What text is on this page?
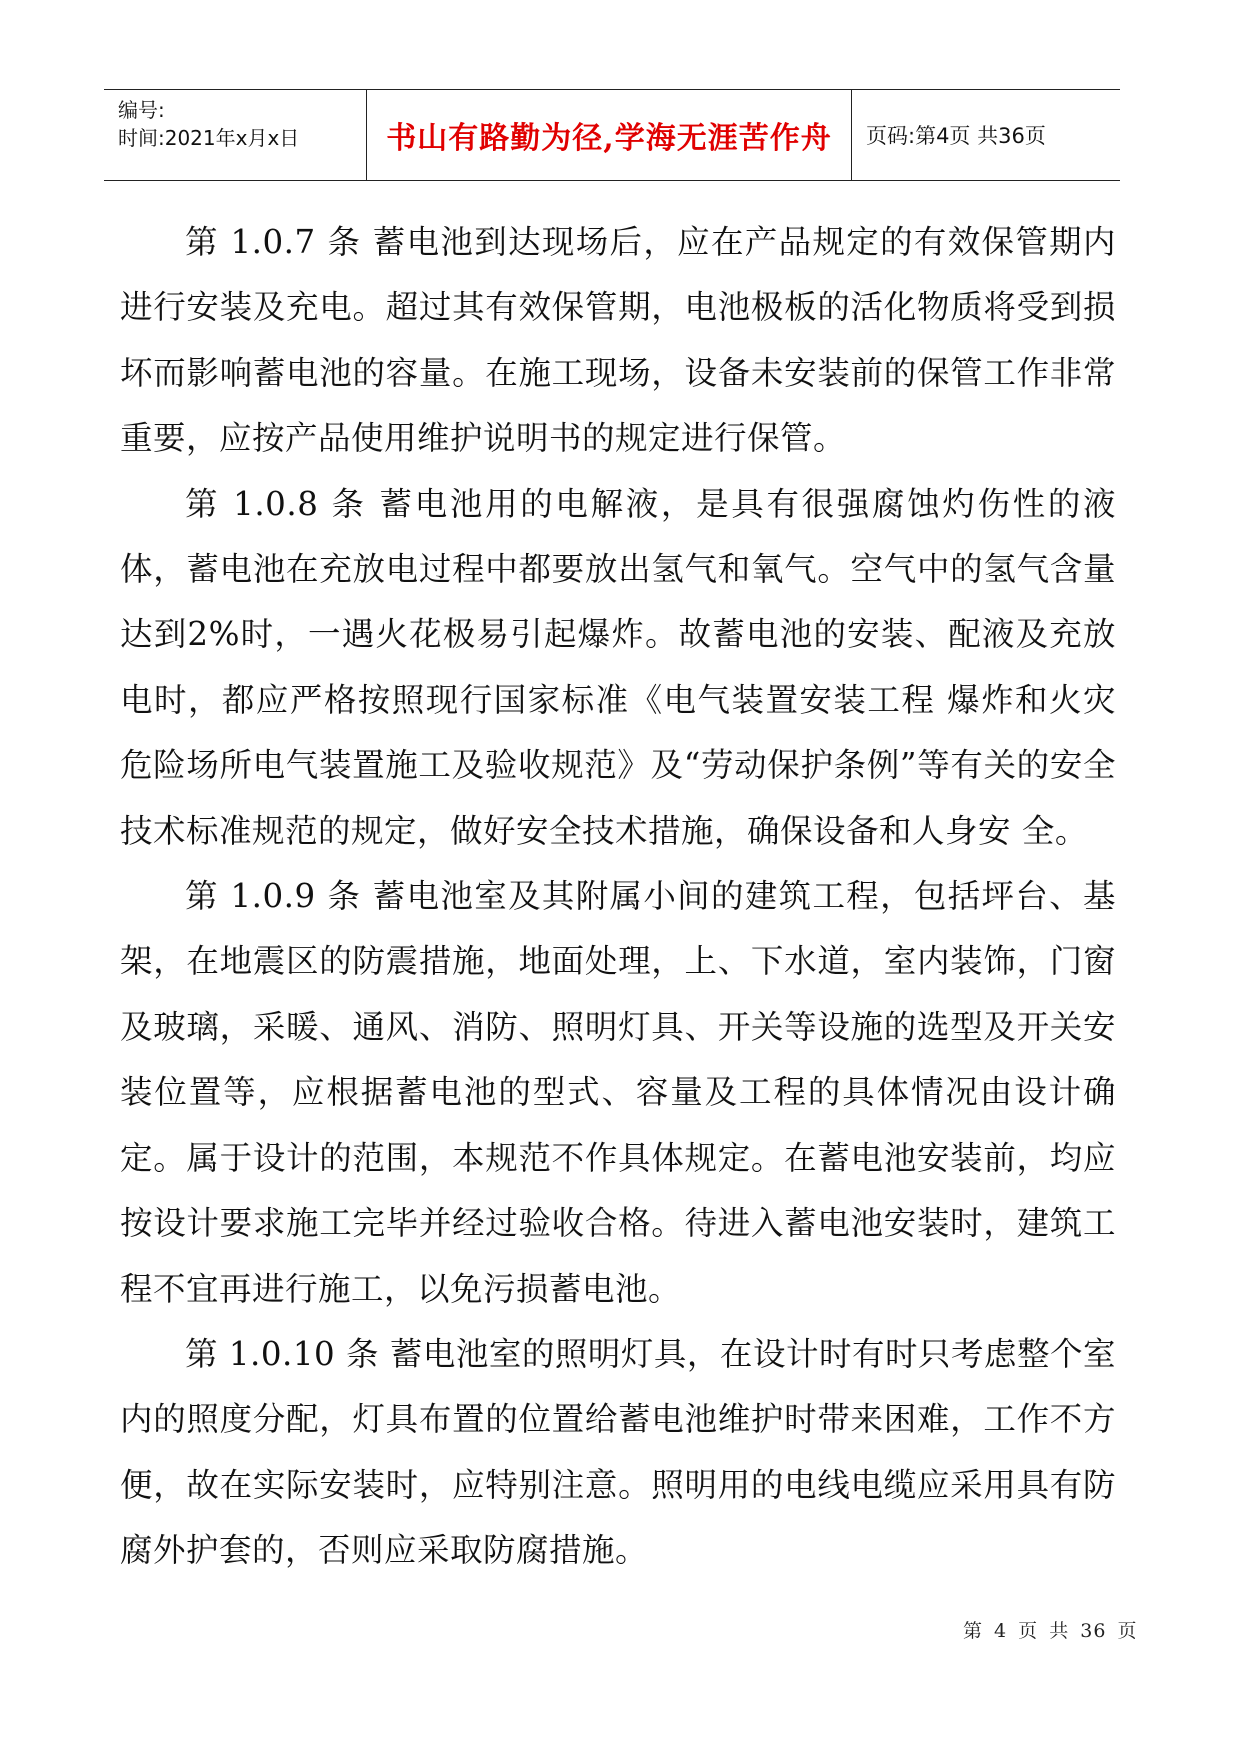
编号:
时间:2021年x月x日	书山有路勤为径,学海无涯苦作舟 页码:第4页 共36页

第 1.0.7 条 蓄电池到达现场后，应在产品规定的有效保管期内进行安装及充电。超过其有效保管期，电池极板的活化物质将受到损坏而影响蓄电池的容量。在施工现场，设备未安装前的保管工作非常重要，应按产品使用维护说明书的规定进行保管。

第 1.0.8 条 蓄电池用的电解液，是具有很强腐蚀灼伤性的液体，蓄电池在充放电过程中都要放出氢气和氧气。空气中的氢气含量达到2%时，一遇火花极易引起爆炸。故蓄电池的安装、配液及充放电时，都应严格按照现行国家标准《电气装置安装工程 爆炸和火灾危险场所电气装置施工及验收规范》及“劳动保护条例”等有关的安全技术标准规范的规定，做好安全技术措施，确保设备和人身安 全。

第 1.0.9 条 蓄电池室及其附属小间的建筑工程，包括坪台、基架，在地震区的防震措施，地面处理，上、下水道，室内装饰，门窗及玻璃，采暖、通风、消防、照明灯具、开关等设施的选型及开关安装位置等，应根据蓄电池的型式、容量及工程的具体情况由设计确定。属于设计的范围，本规范不作具体规定。在蓄电池安装前，均应按设计要求施工完毕并经过验收合格。待进入蓄电池安装时，建筑工程不宜再进行施工，以免污损蓄电池。

第 1.0.10 条 蓄电池室的照明灯具，在设计时有时只考虑整个室内的照度分配，灯具布置的位置给蓄电池维护时带来困难，工作不方便，故在实际安装时，应特别注意。照明用的电线电缆应采用具有防腐外护套的，否则应采取防腐措施。

第 4 页 共 36 页
